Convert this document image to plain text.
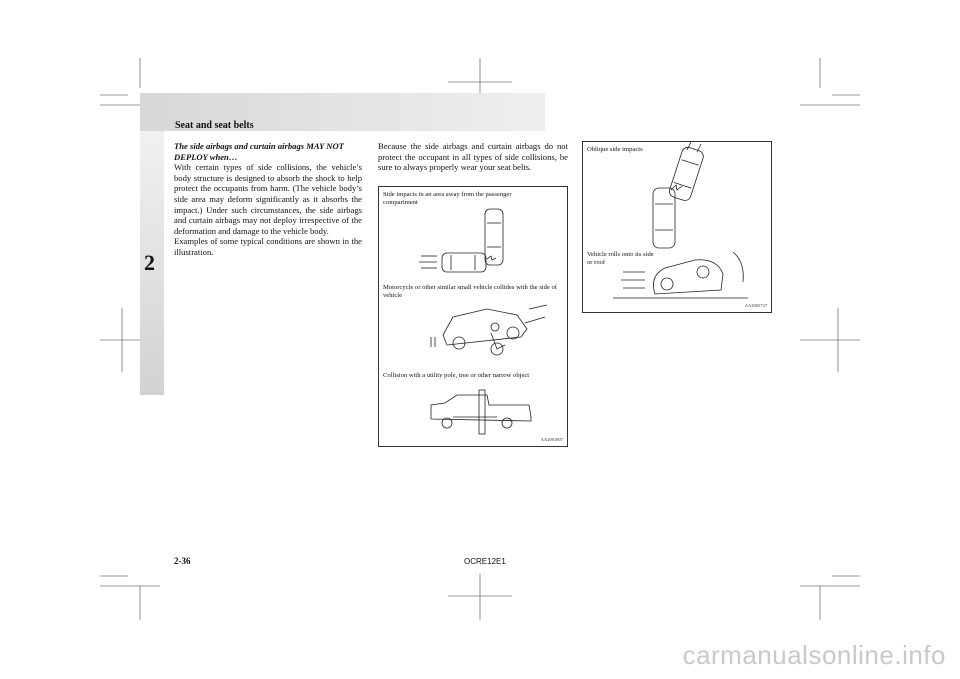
Seat and seat belts
2
The side airbags and curtain airbags MAY NOT
DEPLOY when…
With certain types of side collisions, the vehicle’s body structure is designed to absorb the shock to help protect the occupants from harm. (The vehicle body’s side area may deform significantly as it absorbs the impact.) Under such circumstances, the side airbags and curtain airbags may not deploy irrespective of the deformation and damage to the vehicle body.
Examples of some typical conditions are shown in the illustration.
Because the side airbags and curtain airbags do not protect the occupant in all types of side collisions, be sure to always properly wear your seat belts.
Side impacts in an area away from the passenger compartment
Motorcycle or other similar small vehicle collides with the side of vehicle
Collision with a utility pole, tree or other narrow object
AA2001807
Oblique side impacts
Vehicle rolls onto its side
or roof
AA3005737
2-36	OCRE12E1
carmanualsonline.info
